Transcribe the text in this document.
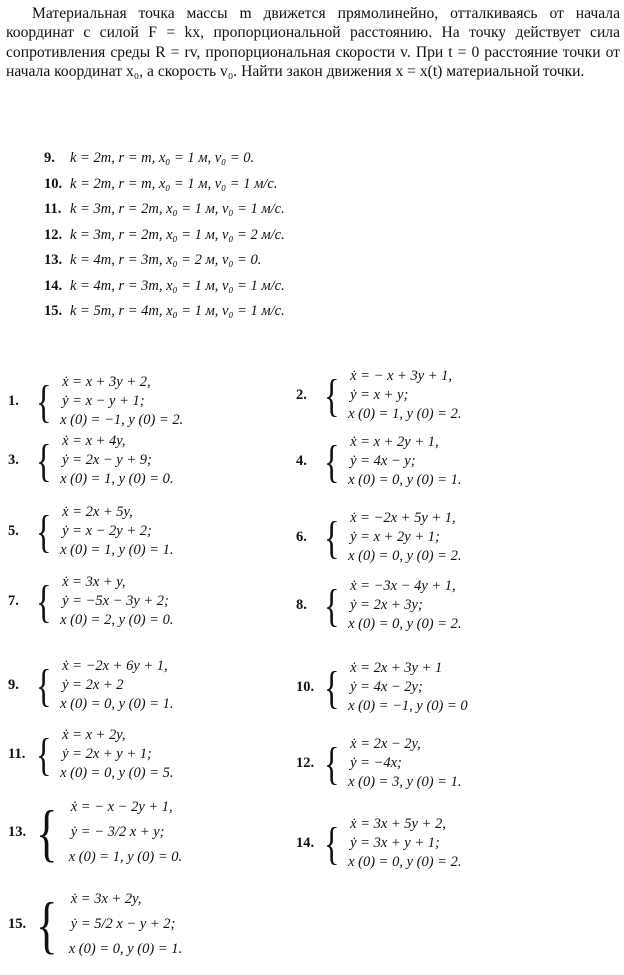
Материальная точка массы m движется прямолинейно, отталкиваясь от начала координат с силой F = kx, пропорциональной расстоянию. На точку действует сила сопротивления среды R = rv, пропорциональная скорости v. При t = 0 расстояние точки от начала координат x₀, а скорость v₀. Найти закон движения x = x(t) материальной точки.

9. k = 2m, r = m, x₀ = 1 м, v₀ = 0.
10. k = 2m, r = m, x₀ = 1 м, v₀ = 1 м/с.
11. k = 3m, r = 2m, x₀ = 1 м, v₀ = 1 м/с.
12. k = 3m, r = 2m, x₀ = 1 м, v₀ = 2 м/с.
13. k = 4m, r = 3m, x₀ = 2 м, v₀ = 0.
14. k = 4m, r = 3m, x₀ = 1 м, v₀ = 1 м/с.
15. k = 5m, r = 4m, x₀ = 1 м, v₀ = 1 м/с.
1. { ẋ = x + 3y + 2,
ẏ = x − y + 1;
x (0) = −1, y (0) = 2.
3. { ẋ = x + 4y,
ẏ = 2x − y + 9;
x (0) = 1, y (0) = 0.
5. { ẋ = 2x + 5y,
ẏ = x − 2y + 2;
x (0) = 1, y (0) = 1.
7. { ẋ = 3x + y,
ẏ = −5x − 3y + 2;
x (0) = 2, y (0) = 0.
9. { ẋ = −2x + 6y + 1,
ẏ = 2x + 2
x (0) = 0, y (0) = 1.
11. { ẋ = x + 2y,
ẏ = 2x + y + 1;
x (0) = 0, y (0) = 5.
13. { ẋ = − x − 2y + 1,
ẏ = − 3/2 x + y;
x (0) = 1, y (0) = 0.
15. { ẋ = 3x + 2y,
ẏ = 5/2 x − y + 2;
x (0) = 0, y (0) = 1.
2. { ẋ = − x + 3y + 1,
ẏ = x + y;
x (0) = 1, y (0) = 2.
4. { ẋ = x + 2y + 1,
ẏ = 4x − y;
x (0) = 0, y (0) = 1.
6. { ẋ = −2x + 5y + 1,
ẏ = x + 2y + 1;
x (0) = 0, y (0) = 2.
8. { ẋ = −3x − 4y + 1,
ẏ = 2x + 3y;
x (0) = 0, y (0) = 2.
10. { ẋ = 2x + 3y + 1
ẏ = 4x − 2y;
x (0) = −1, y (0) = 0
12. { ẋ = 2x − 2y,
ẏ = −4x;
x (0) = 3, y (0) = 1.
14. { ẋ = 3x + 5y + 2,
ẏ = 3x + y + 1;
x (0) = 0, y (0) = 2.
